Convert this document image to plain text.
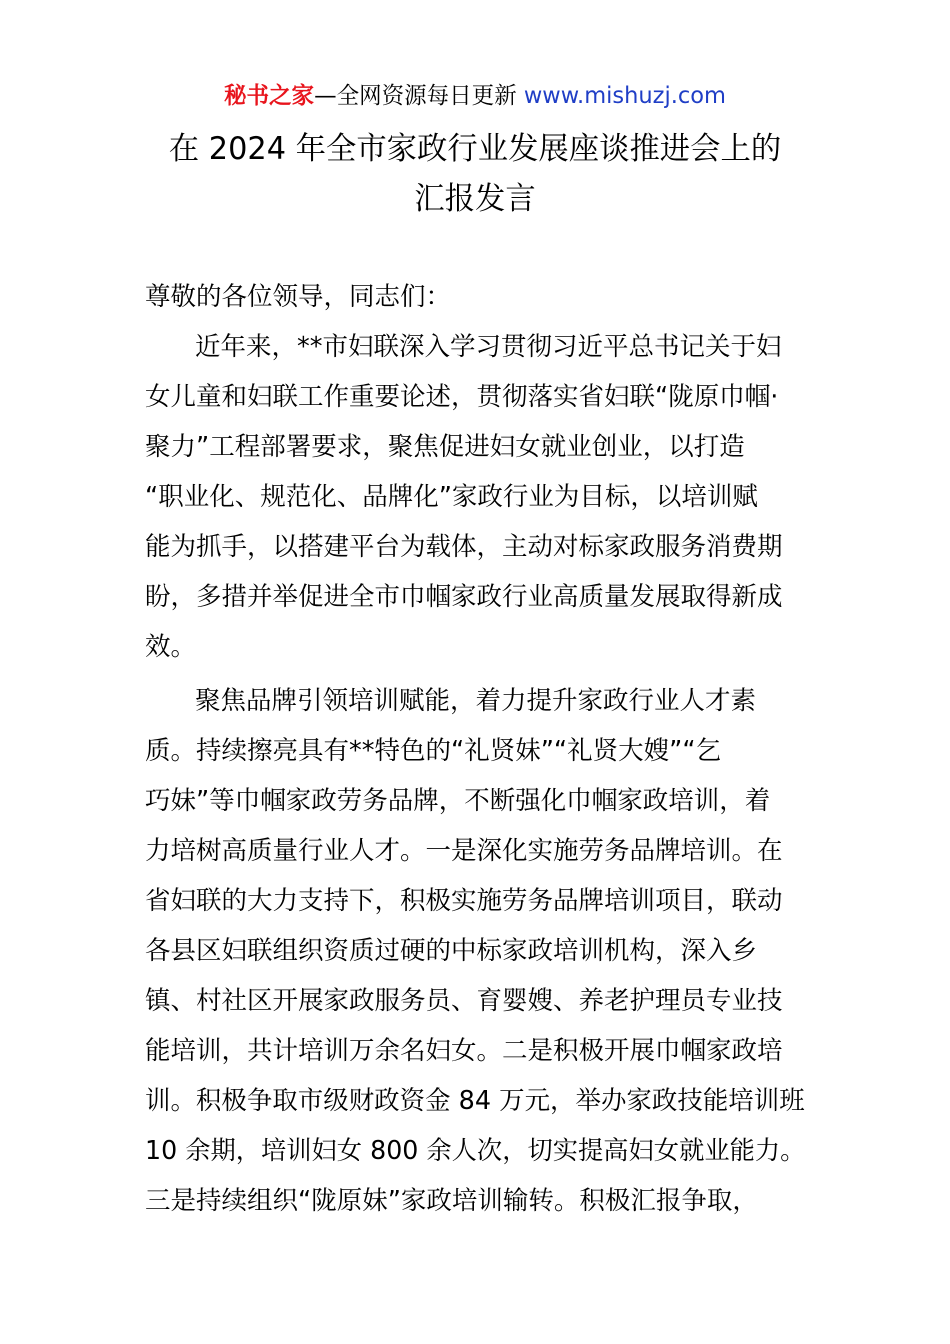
秘书之家—全网资源每日更新 www.mishuzj.com
在 2024 年全市家政行业发展座谈推进会上的
汇报发言
尊敬的各位领导，同志们：
近年来，**市妇联深入学习贯彻习近平总书记关于妇
女儿童和妇联工作重要论述，贯彻落实省妇联“陇原巾帼·
聚力”工程部署要求，聚焦促进妇女就业创业，以打造
“职业化、规范化、品牌化”家政行业为目标，以培训赋
能为抓手，以搭建平台为载体，主动对标家政服务消费期
盼，多措并举促进全市巾帼家政行业高质量发展取得新成
效。
聚焦品牌引领培训赋能，着力提升家政行业人才素
质。持续擦亮具有**特色的“礼贤妹”“礼贤大嫂”“乞
巧妹”等巾帼家政劳务品牌，不断强化巾帼家政培训，着
力培树高质量行业人才。一是深化实施劳务品牌培训。在
省妇联的大力支持下，积极实施劳务品牌培训项目，联动
各县区妇联组织资质过硬的中标家政培训机构，深入乡
镇、村社区开展家政服务员、育婴嫂、养老护理员专业技
能培训，共计培训万余名妇女。二是积极开展巾帼家政培
训。积极争取市级财政资金 84 万元，举办家政技能培训班
10 余期，培训妇女 800 余人次，切实提高妇女就业能力。
三是持续组织“陇原妹”家政培训输转。积极汇报争取，
